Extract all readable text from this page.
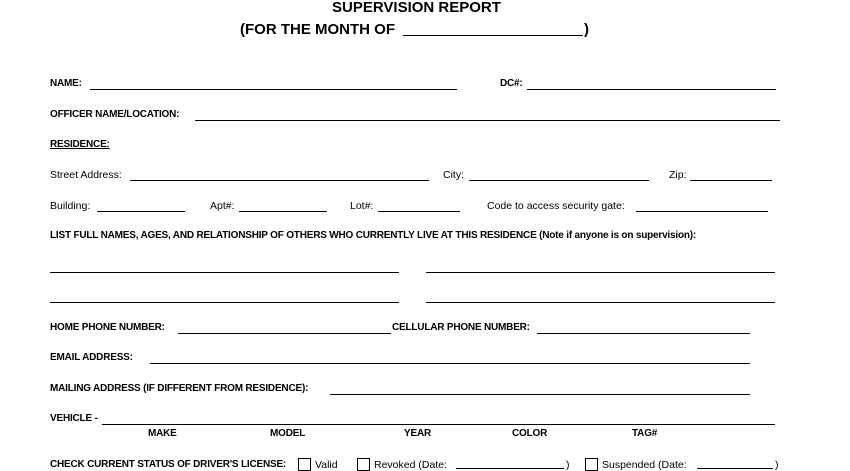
SUPERVISION REPORT
(FOR THE MONTH OF	)
NAME:	DC#:
OFFICER NAME/LOCATION:
RESIDENCE:
Street Address:	City:	Zip:
Building:	Apt#:	Lot#:	Code to access security gate:
LIST FULL NAMES, AGES, AND RELATIONSHIP OF OTHERS WHO CURRENTLY LIVE AT THIS RESIDENCE (Note if anyone is on supervision):
HOME PHONE NUMBER:	CELLULAR PHONE NUMBER:
EMAIL ADDRESS:
MAILING ADDRESS (IF DIFFERENT FROM RESIDENCE):
VEHICLE -
MAKE	MODEL	YEAR	COLOR	TAG#
CHECK CURRENT STATUS OF DRIVER'S LICENSE:	Valid	Revoked (Date:	)	Suspended (Date:	)
